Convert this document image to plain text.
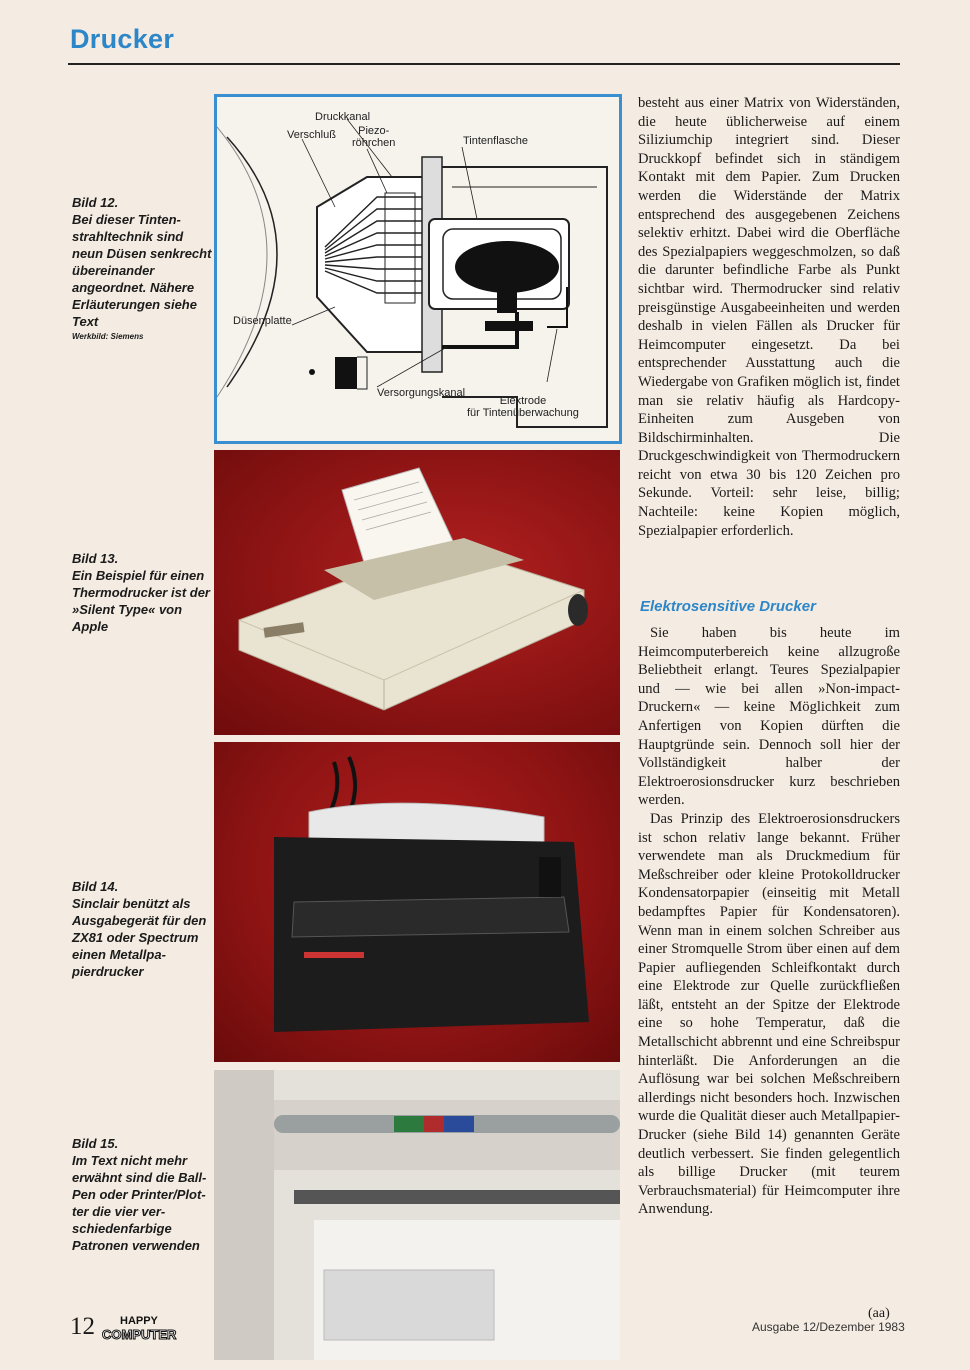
Drucker
Bild 12.
Bei dieser Tintenstrahltechnik sind neun Düsen senkrecht übereinander angeordnet. Nähere Erläuterungen siehe Text
Werkbild: Siemens
Bild 13.
Ein Beispiel für einen Thermodrucker ist der »Silent Type« von Apple
Bild 14.
Sinclair benützt als Ausgabegerät für den ZX81 oder Spectrum einen Metallpapierdrucker
Bild 15.
Im Text nicht mehr erwähnt sind die Ball-Pen oder Printer/Plotter die vier verschiedenfarbige Patronen verwenden
Druckkanal
Verschluß	Piezo-
röhrchen	Tintenflasche
Düsenplatte
Versorgungskanal
Elektrode
für Tintenüberwachung

besteht aus einer Matrix von Widerständen, die heute üblicherweise auf einem Siliziumchip integriert sind. Dieser Druckkopf befindet sich in ständigem Kontakt mit dem Papier. Zum Drucken werden die Widerstände der Matrix entsprechend des ausgegebenen Zeichens selektiv erhitzt. Dabei wird die Oberfläche des Spezialpapiers weggeschmolzen, so daß die darunter befindliche Farbe als Punkt sichtbar wird. Thermodrucker sind relativ preisgünstige Ausgabeeinheiten und werden deshalb in vielen Fällen als Drucker für Heimcomputer eingesetzt. Da bei entsprechender Ausstattung auch die Wiedergabe von Grafiken möglich ist, findet man sie relativ häufig als Hardcopy-Einheiten zum Ausgeben von Bildschirminhalten. Die Druckgeschwindigkeit von Thermodruckern reicht von etwa 30 bis 120 Zeichen pro Sekunde. Vorteil: sehr leise, billig; Nachteile: keine Kopien möglich, Spezialpapier erforderlich.

Elektrosensitive Drucker

Sie haben bis heute im Heimcomputerbereich keine allzugroße Beliebtheit erlangt. Teures Spezialpapier und — wie bei allen »Non-impact-Druckern« — keine Möglichkeit zum Anfertigen von Kopien dürften die Hauptgründe sein. Dennoch soll hier der Vollständigkeit halber der Elektroerosionsdrucker kurz beschrieben werden.

Das Prinzip des Elektroerosionsdruckers ist schon relativ lange bekannt. Früher verwendete man als Druckmedium für Meßschreiber oder kleine Protokolldrucker Kondensatorpapier (einseitig mit Metall bedampftes Papier für Kondensatoren). Wenn man in einem solchen Schreiber aus einer Stromquelle Strom über einen auf dem Papier aufliegenden Schleifkontakt durch eine Elektrode zur Quelle zurückfließen läßt, entsteht an der Spitze der Elektrode eine so hohe Temperatur, daß die Metallschicht abbrennt und eine Schreibspur hinterläßt. Die Anforderungen an die Auflösung war bei solchen Meßschreibern allerdings nicht besonders hoch. Inzwischen wurde die Qualität dieser auch Metallpapier-Drucker (siehe Bild 14) genannten Geräte deutlich verbessert. Sie finden gelegentlich als billige Drucker (mit teurem Verbrauchsmaterial) für Heimcomputer ihre Anwendung.

(aa)
12 HAPPY
COMPUTER	Ausgabe 12/Dezember 1983
